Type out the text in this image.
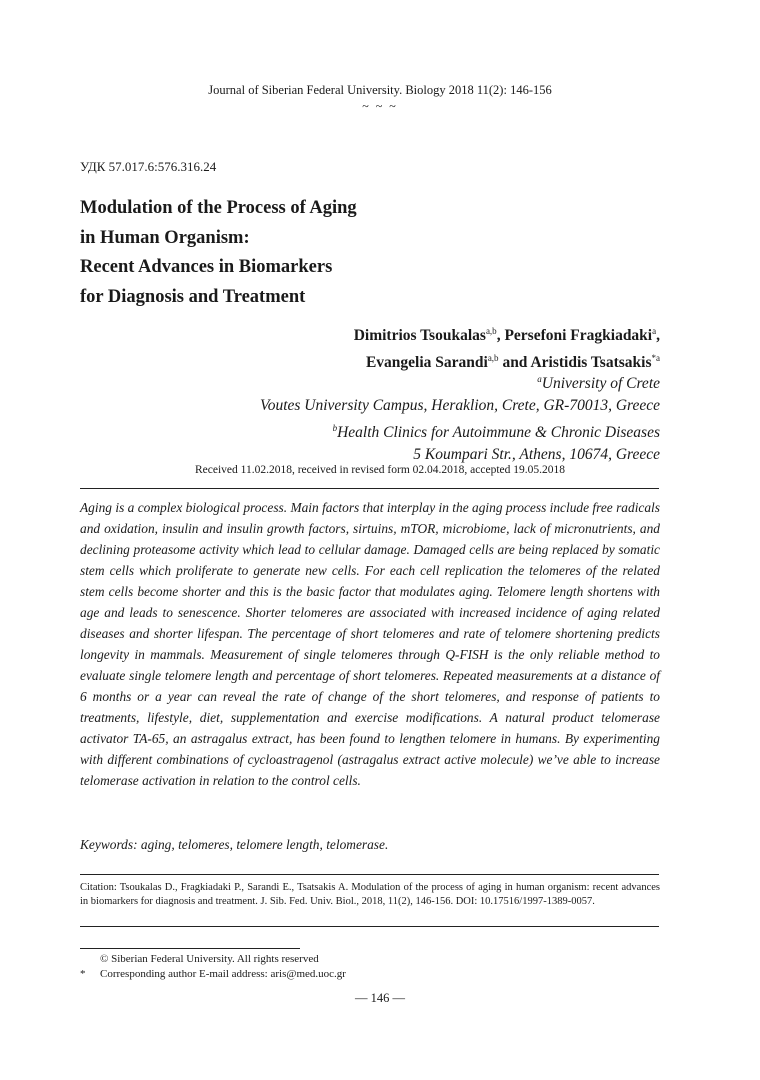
Journal of Siberian Federal University. Biology 2018 11(2): 146-156
~ ~ ~
УДК 57.017.6:576.316.24
Modulation of the Process of Aging
in Human Organism:
Recent Advances in Biomarkers
for Diagnosis and Treatment
Dimitrios Tsoukalas$^{a,b}$, Persefoni Fragkiadaki$^a$,
Evangelia Sarandi$^{a,b}$ and Aristidis Tsatsakis$^{*a}$
$^a$University of Crete
Voutes University Campus, Heraklion, Crete, GR-70013, Greece
$^b$Health Clinics for Autoimmune & Chronic Diseases
5 Koumpari Str., Athens, 10674, Greece
Received 11.02.2018, received in revised form 02.04.2018, accepted 19.05.2018
Aging is a complex biological process. Main factors that interplay in the aging process include free radicals and oxidation, insulin and insulin growth factors, sirtuins, mTOR, microbiome, lack of micronutrients, and declining proteasome activity which lead to cellular damage. Damaged cells are being replaced by somatic stem cells which proliferate to generate new cells. For each cell replication the telomeres of the related stem cells become shorter and this is the basic factor that modulates aging. Telomere length shortens with age and leads to senescence. Shorter telomeres are associated with increased incidence of aging related diseases and shorter lifespan. The percentage of short telomeres and rate of telomere shortening predicts longevity in mammals. Measurement of single telomeres through Q-FISH is the only reliable method to evaluate single telomere length and percentage of short telomeres. Repeated measurements at a distance of 6 months or a year can reveal the rate of change of the short telomeres, and response of patients to treatments, lifestyle, diet, supplementation and exercise modifications. A natural product telomerase activator TA-65, an astragalus extract, has been found to lengthen telomere in humans. By experimenting with different combinations of cycloastragenol (astragalus extract active molecule) we’ve able to increase telomerase activation in relation to the control cells.
Keywords: aging, telomeres, telomere length, telomerase.
Citation: Tsoukalas D., Fragkiadaki P., Sarandi E., Tsatsakis A. Modulation of the process of aging in human organism: recent advances in biomarkers for diagnosis and treatment. J. Sib. Fed. Univ. Biol., 2018, 11(2), 146-156. DOI: 10.17516/1997-1389-0057.
© Siberian Federal University. All rights reserved
* Corresponding author E-mail address: aris@med.uoc.gr
— 146 —
